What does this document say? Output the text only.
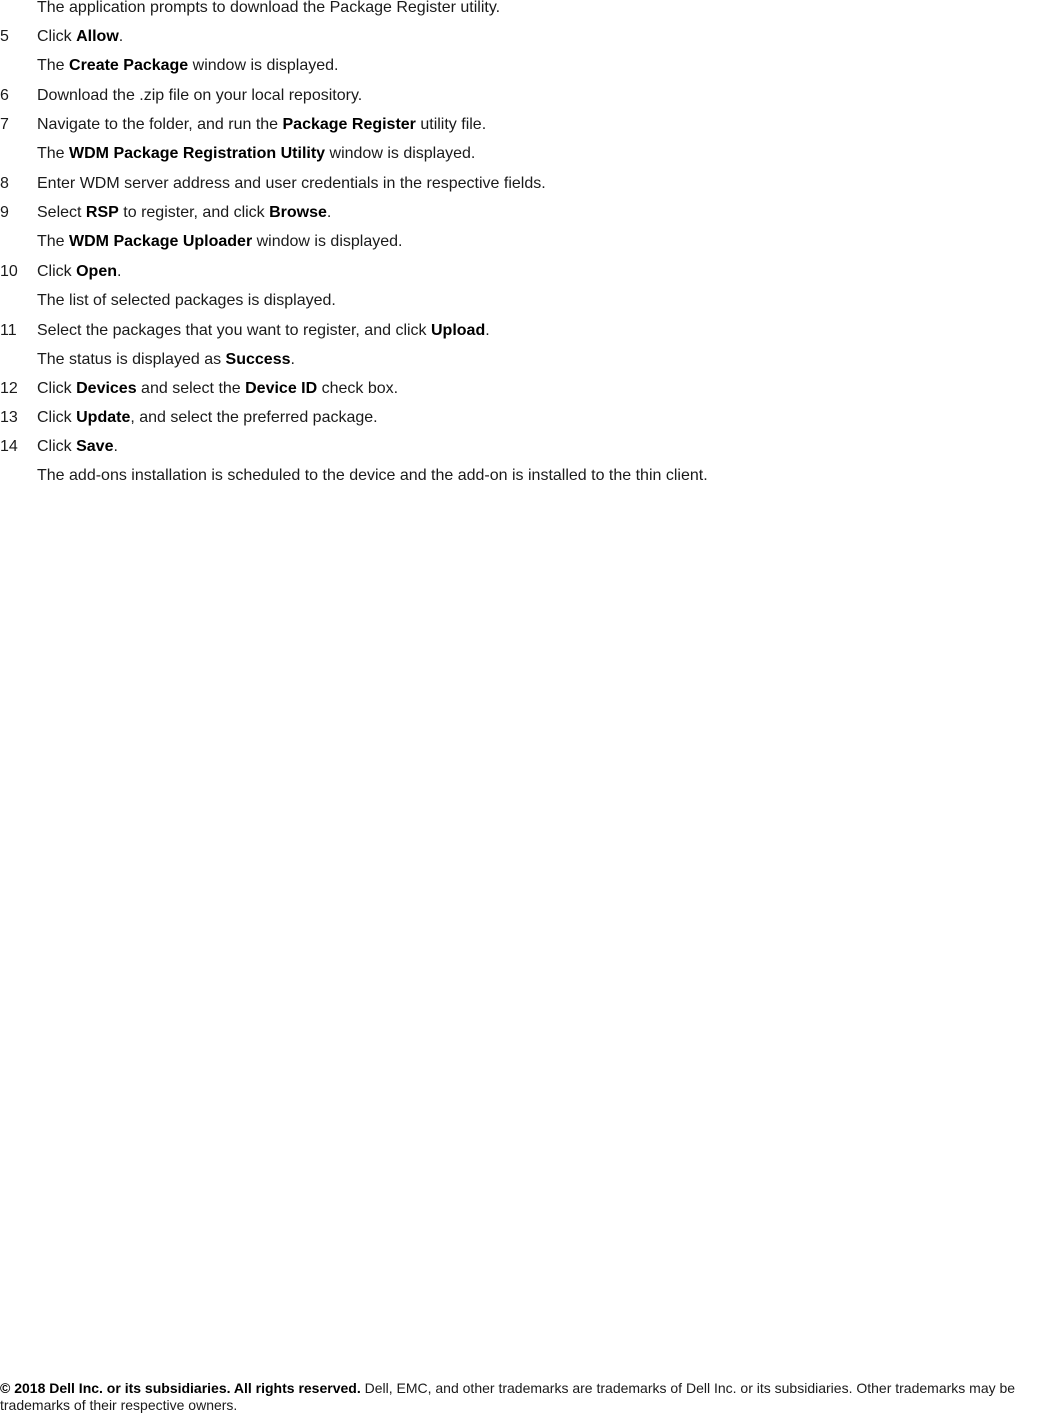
The application prompts to download the Package Register utility.
5	Click Allow.
The Create Package window is displayed.
6	Download the .zip file on your local repository.
7	Navigate to the folder, and run the Package Register utility file.
The WDM Package Registration Utility window is displayed.
8	Enter WDM server address and user credentials in the respective fields.
9	Select RSP to register, and click Browse.
The WDM Package Uploader window is displayed.
10	Click Open.
The list of selected packages is displayed.
11	Select the packages that you want to register, and click Upload.
The status is displayed as Success.
12	Click Devices and select the Device ID check box.
13	Click Update, and select the preferred package.
14	Click Save.
The add-ons installation is scheduled to the device and the add-on is installed to the thin client.
© 2018 Dell Inc. or its subsidiaries. All rights reserved. Dell, EMC, and other trademarks are trademarks of Dell Inc. or its subsidiaries. Other trademarks may be trademarks of their respective owners.
